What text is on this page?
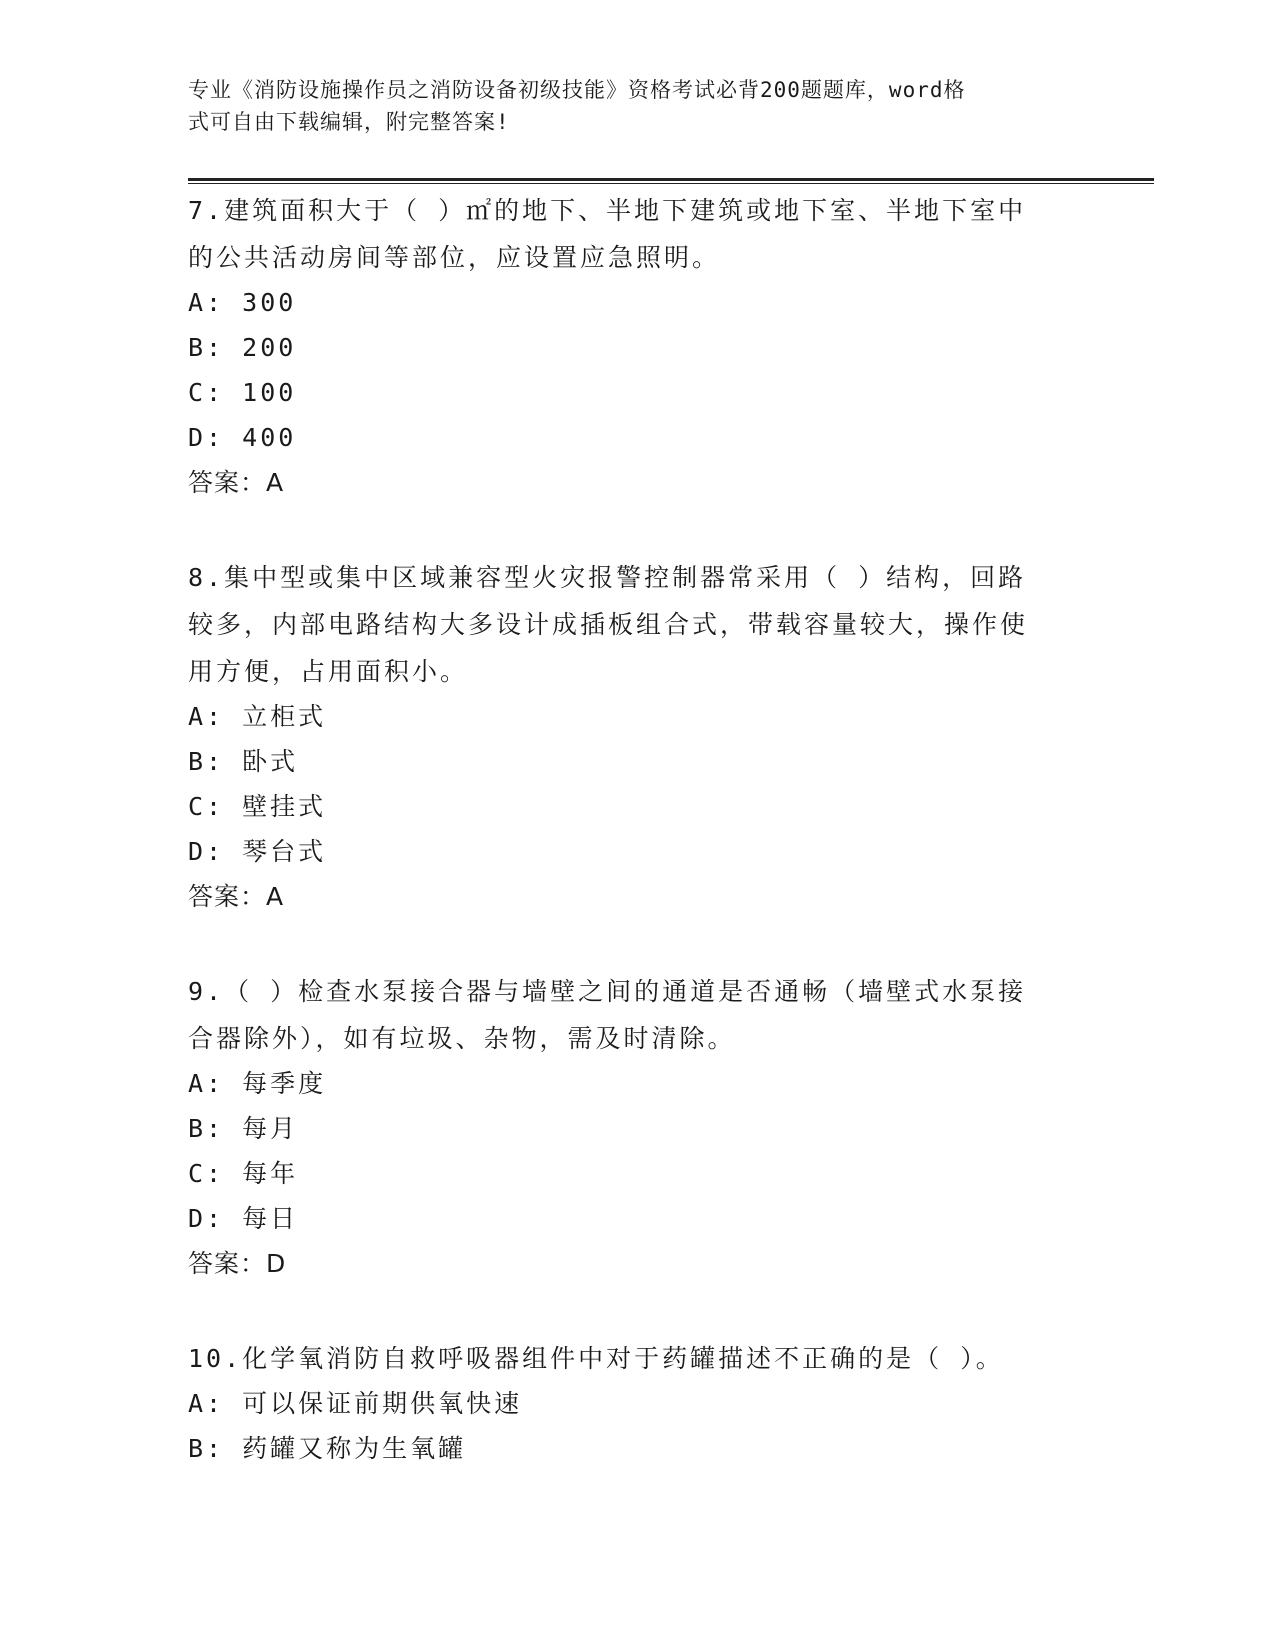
专业《消防设施操作员之消防设备初级技能》资格考试必背200题题库，word格
式可自由下载编辑，附完整答案!
7.建筑面积大于（ ）㎡的地下、半地下建筑或地下室、半地下室中
的公共活动房间等部位，应设置应急照明。
A: 300
B: 200
C: 100
D: 400
答案：A
8.集中型或集中区域兼容型火灾报警控制器常采用（ ）结构，回路
较多，内部电路结构大多设计成插板组合式，带载容量较大，操作使
用方便，占用面积小。
A: 立柜式
B: 卧式
C: 壁挂式
D: 琴台式
答案：A
9.（ ）检查水泵接合器与墙壁之间的通道是否通畅（墙壁式水泵接
合器除外），如有垃圾、杂物，需及时清除。
A: 每季度
B: 每月
C: 每年
D: 每日
答案：D
10.化学氧消防自救呼吸器组件中对于药罐描述不正确的是（ ）。
A: 可以保证前期供氧快速
B: 药罐又称为生氧罐
